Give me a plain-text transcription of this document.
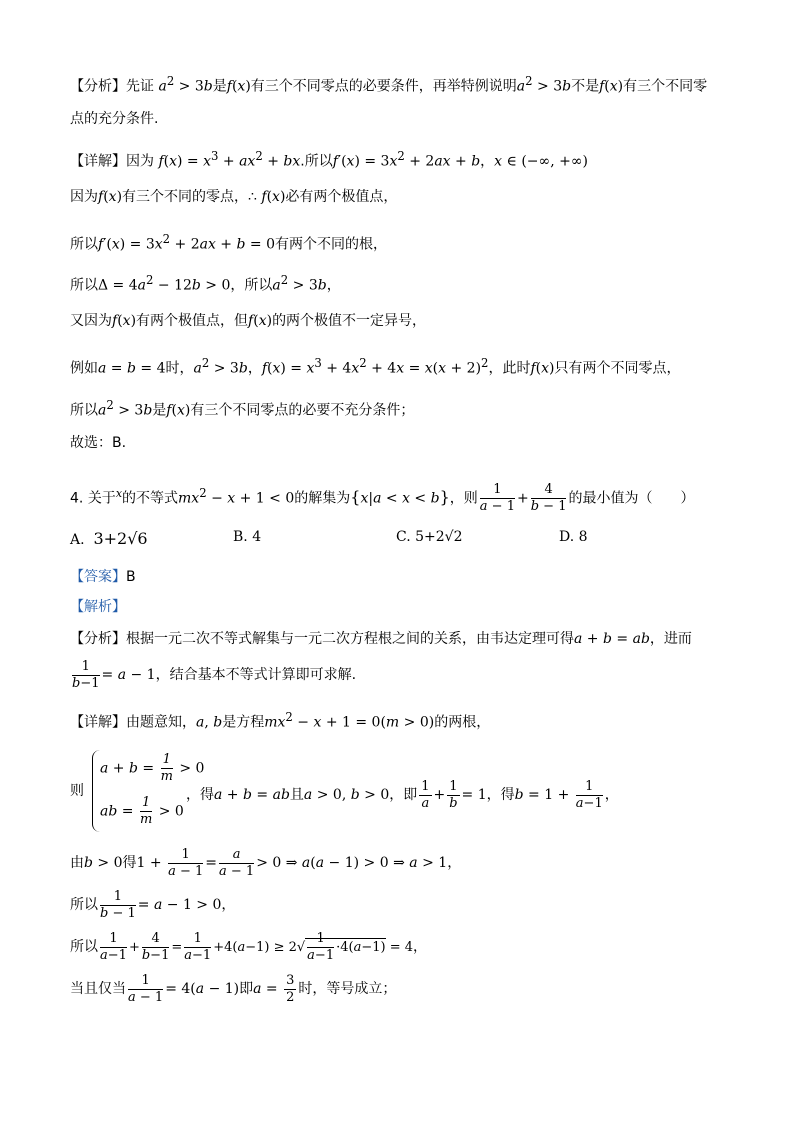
【分析】先证 $a^2 > 3b$是f(x)有三个不同零点的必要条件，再举特例说明$a^2 > 3b$不是f(x)有三个不同零
点的充分条件.
【详解】因为 $f(x) = x^3 + ax^2$ + bx.所以$f'(x) = 3x^2 + 2ax + b$，x ∈ (−∞, +∞)
因为f(x)有三个不同的零点，∴ f(x)必有两个极值点，
所以$f'(x) = 3x^2 + 2ax + b = 0$有两个不同的根，
所以$\Delta = 4a^2 - 12b > 0$，所以$a^2 > 3b$，
又因为f(x)有两个极值点，但f(x)的两个极值不一定异号，
例如a = b = 4时，$a^2 > 3b$，$f(x) = x^3 + 4x^2 + 4x = x(x + 2)^2$，此时f(x)只有两个不同零点，
所以$a^2 > 3b$是f(x)有三个不同零点的必要不充分条件；
故选：B.
4. 关于$^x$的不等式$mx^2 - x + 1 < 0$的解集为{x|a < x < b}，则 $\frac{1}{a - 1} + \frac{4}{b - 1}$ 的最小值为（　　）
A. 3+2√6	B. 4	C. 5+2√2	D. 8
【答案】B
【解析】
【分析】根据一元二次不等式解集与一元二次方程根之间的关系，由韦达定理可得a + b = ab，进而
$\frac{1}{b-1} = a - 1$，结合基本不等式计算即可求解.
【详解】由题意知，a, b是方程$mx^2 - x + 1 = 0(m > 0)$的两根，
则
$a + b = \frac{1}{m} > 0$
ab = $\frac{1}{m} > 0$
，得a + b = ab且a > 0, b > 0，即 $\frac{1}{a} + \frac{1}{b} = 1$，得$b = 1 + \frac{1}{a-1}$ ，
由b > 0得$1 + \frac{1}{a - 1} = \frac{a}{a - 1} > 0$ ⇒ a(a − 1) > 0 ⇒ a > 1，
所以 $\frac{1}{b - 1} = a - 1 > 0$，
所以 $\frac{1}{a-1} + \frac{4}{b-1} = \frac{1}{a-1} +4(a-1) \ge 2√ \frac{1}{a-1} \cdot 4(a-1) = 4$，
当且仅当 $\frac{1}{a - 1} = 4(a - 1)$即$a = \frac{3}{2}$ 时，等号成立；
